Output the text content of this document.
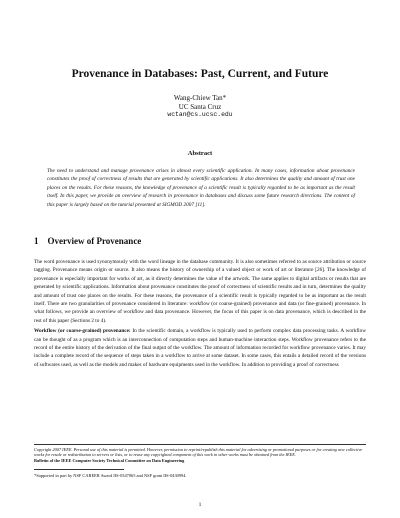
Provenance in Databases: Past, Current, and Future
Wang-Chiew Tan*
UC Santa Cruz
wctan@cs.ucsc.edu
Abstract
The need to understand and manage provenance arises in almost every scientific application. In many cases, information about provenance constitutes the proof of correctness of results that are generated by scientific applications. It also determines the quality and amount of trust one places on the results. For these reasons, the knowledge of provenance of a scientific result is typically regarded to be as important as the result itself. In this paper, we provide an overview of research in provenance in databases and discuss some future research directions. The content of this paper is largely based on the tutorial presented at SIGMOD 2007 [11].
1 Overview of Provenance

The word provenance is used synonymously with the word lineage in the database community. It is also sometimes referred to as source attribution or source tagging. Provenance means origin or source. It also means the history of ownership of a valued object or work of art or literature [26]. The knowledge of provenance is especially important for works of art, as it directly determines the value of the artwork. The same applies to digital artifacts or results that are generated by scientific applications. Information about provenance constitutes the proof of correctness of scientific results and in turn, determines the quality and amount of trust one places on the results. For these reasons, the provenance of a scientific result is typically regarded to be as important as the result itself. There are two granularities of provenance considered in literature: workflow (or coarse-grained) provenance and data (or fine-grained) provenance. In what follows, we provide an overview of workflow and data provenance. However, the focus of this paper is on data provenance, which is described in the rest of this paper (Sections 2 to 4).

Workflow (or coarse-grained) provenance: In the scientific domain, a workflow is typically used to perform complex data processing tasks. A workflow can be thought of as a program which is an interconnection of computation steps and human-machine interaction steps. Workflow provenance refers to the record of the entire history of the derivation of the final output of the workflow. The amount of information recorded for workflow provenance varies. It may include a complete record of the sequence of steps taken in a workflow to arrive at some dataset. In some cases, this entails a detailed record of the versions of softwares used, as well as the models and makes of hardware equipments used in the workflow. In addition to providing a proof of correctness

Copyright 2007 IEEE. Personal use of this material is permitted. However, permission to reprint/republish this material for advertising or promotional purposes or for creating new collective works for resale or redistribution to servers or lists, or to reuse any copyrighted component of this work in other works must be obtained from the IEEE.
Bulletin of the IEEE Computer Society Technical Committee on Data Engineering
*Supported in part by NSF CAREER Award IIS-0347065 and NSF grant IIS-0430994.
1
